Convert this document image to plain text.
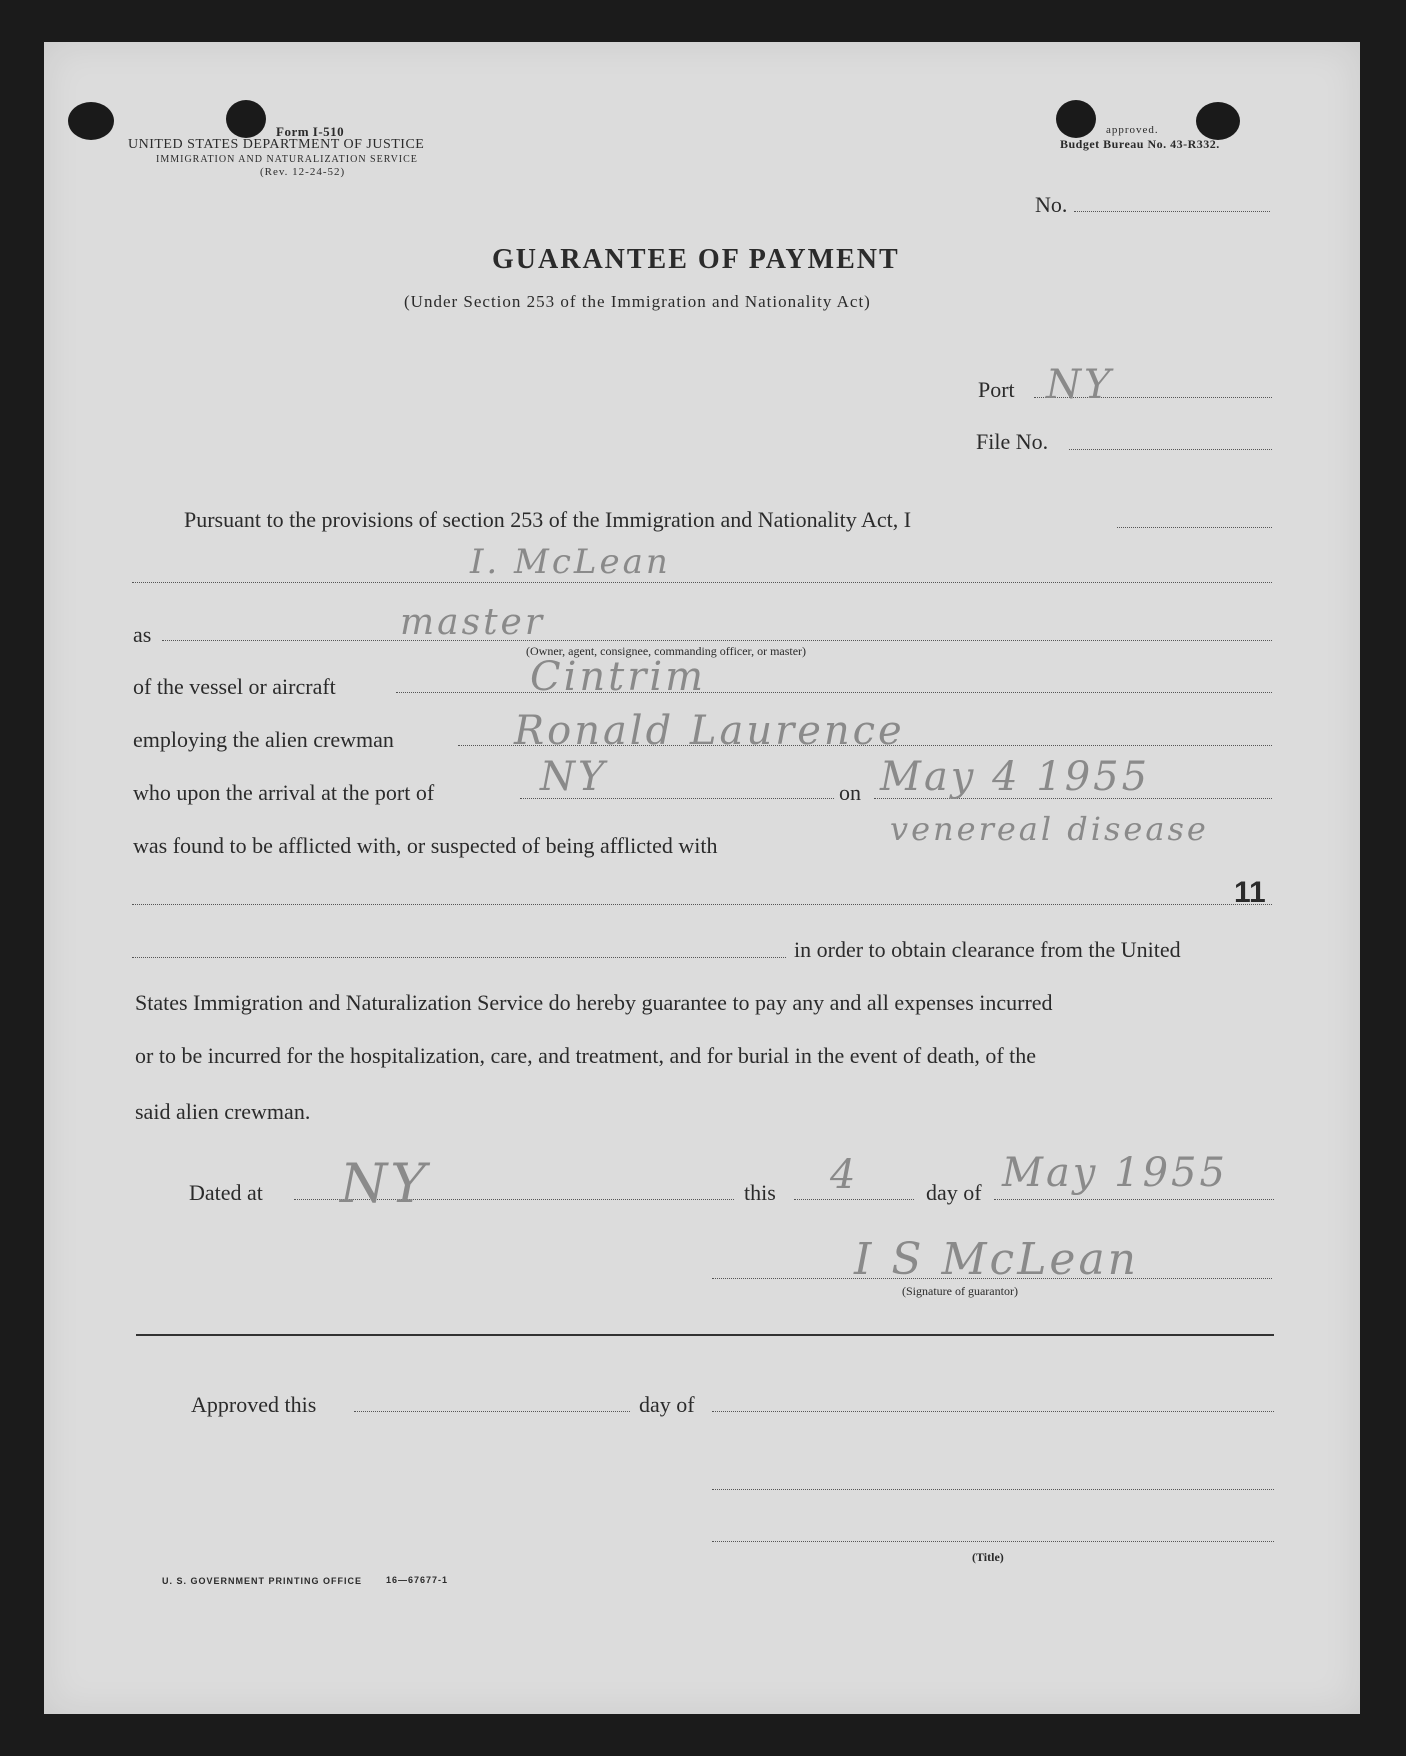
Form I-510
UNITED STATES DEPARTMENT OF JUSTICE
IMMIGRATION AND NATURALIZATION SERVICE
(Rev. 12-24-52)
approved.
Budget Bureau No. 43-R332.
No.
GUARANTEE OF PAYMENT
(Under Section 253 of the Immigration and Nationality Act)
Port NY
File No.
Pursuant to the provisions of section 253 of the Immigration and Nationality Act, I
I. McLean
as	master
(Owner, agent, consignee, commanding officer, or master)
of the vessel or aircraft	Cintrim
employing the alien crewman	Ronald Laurence
who upon the arrival at the port of	NY	on May 4 1955
was found to be afflicted with, or suspected of being afflicted with	venereal disease
11
in order to obtain clearance from the United
States Immigration and Naturalization Service do hereby guarantee to pay any and all expenses incurred
or to be incurred for the hospitalization, care, and treatment, and for burial in the event of death, of the
said alien crewman.
Dated at NY	this 4	day of May 1955
I S McLean
(Signature of guarantor)
Approved this	day of
(Title)
U. S. GOVERNMENT PRINTING OFFICE	16—67677-1
